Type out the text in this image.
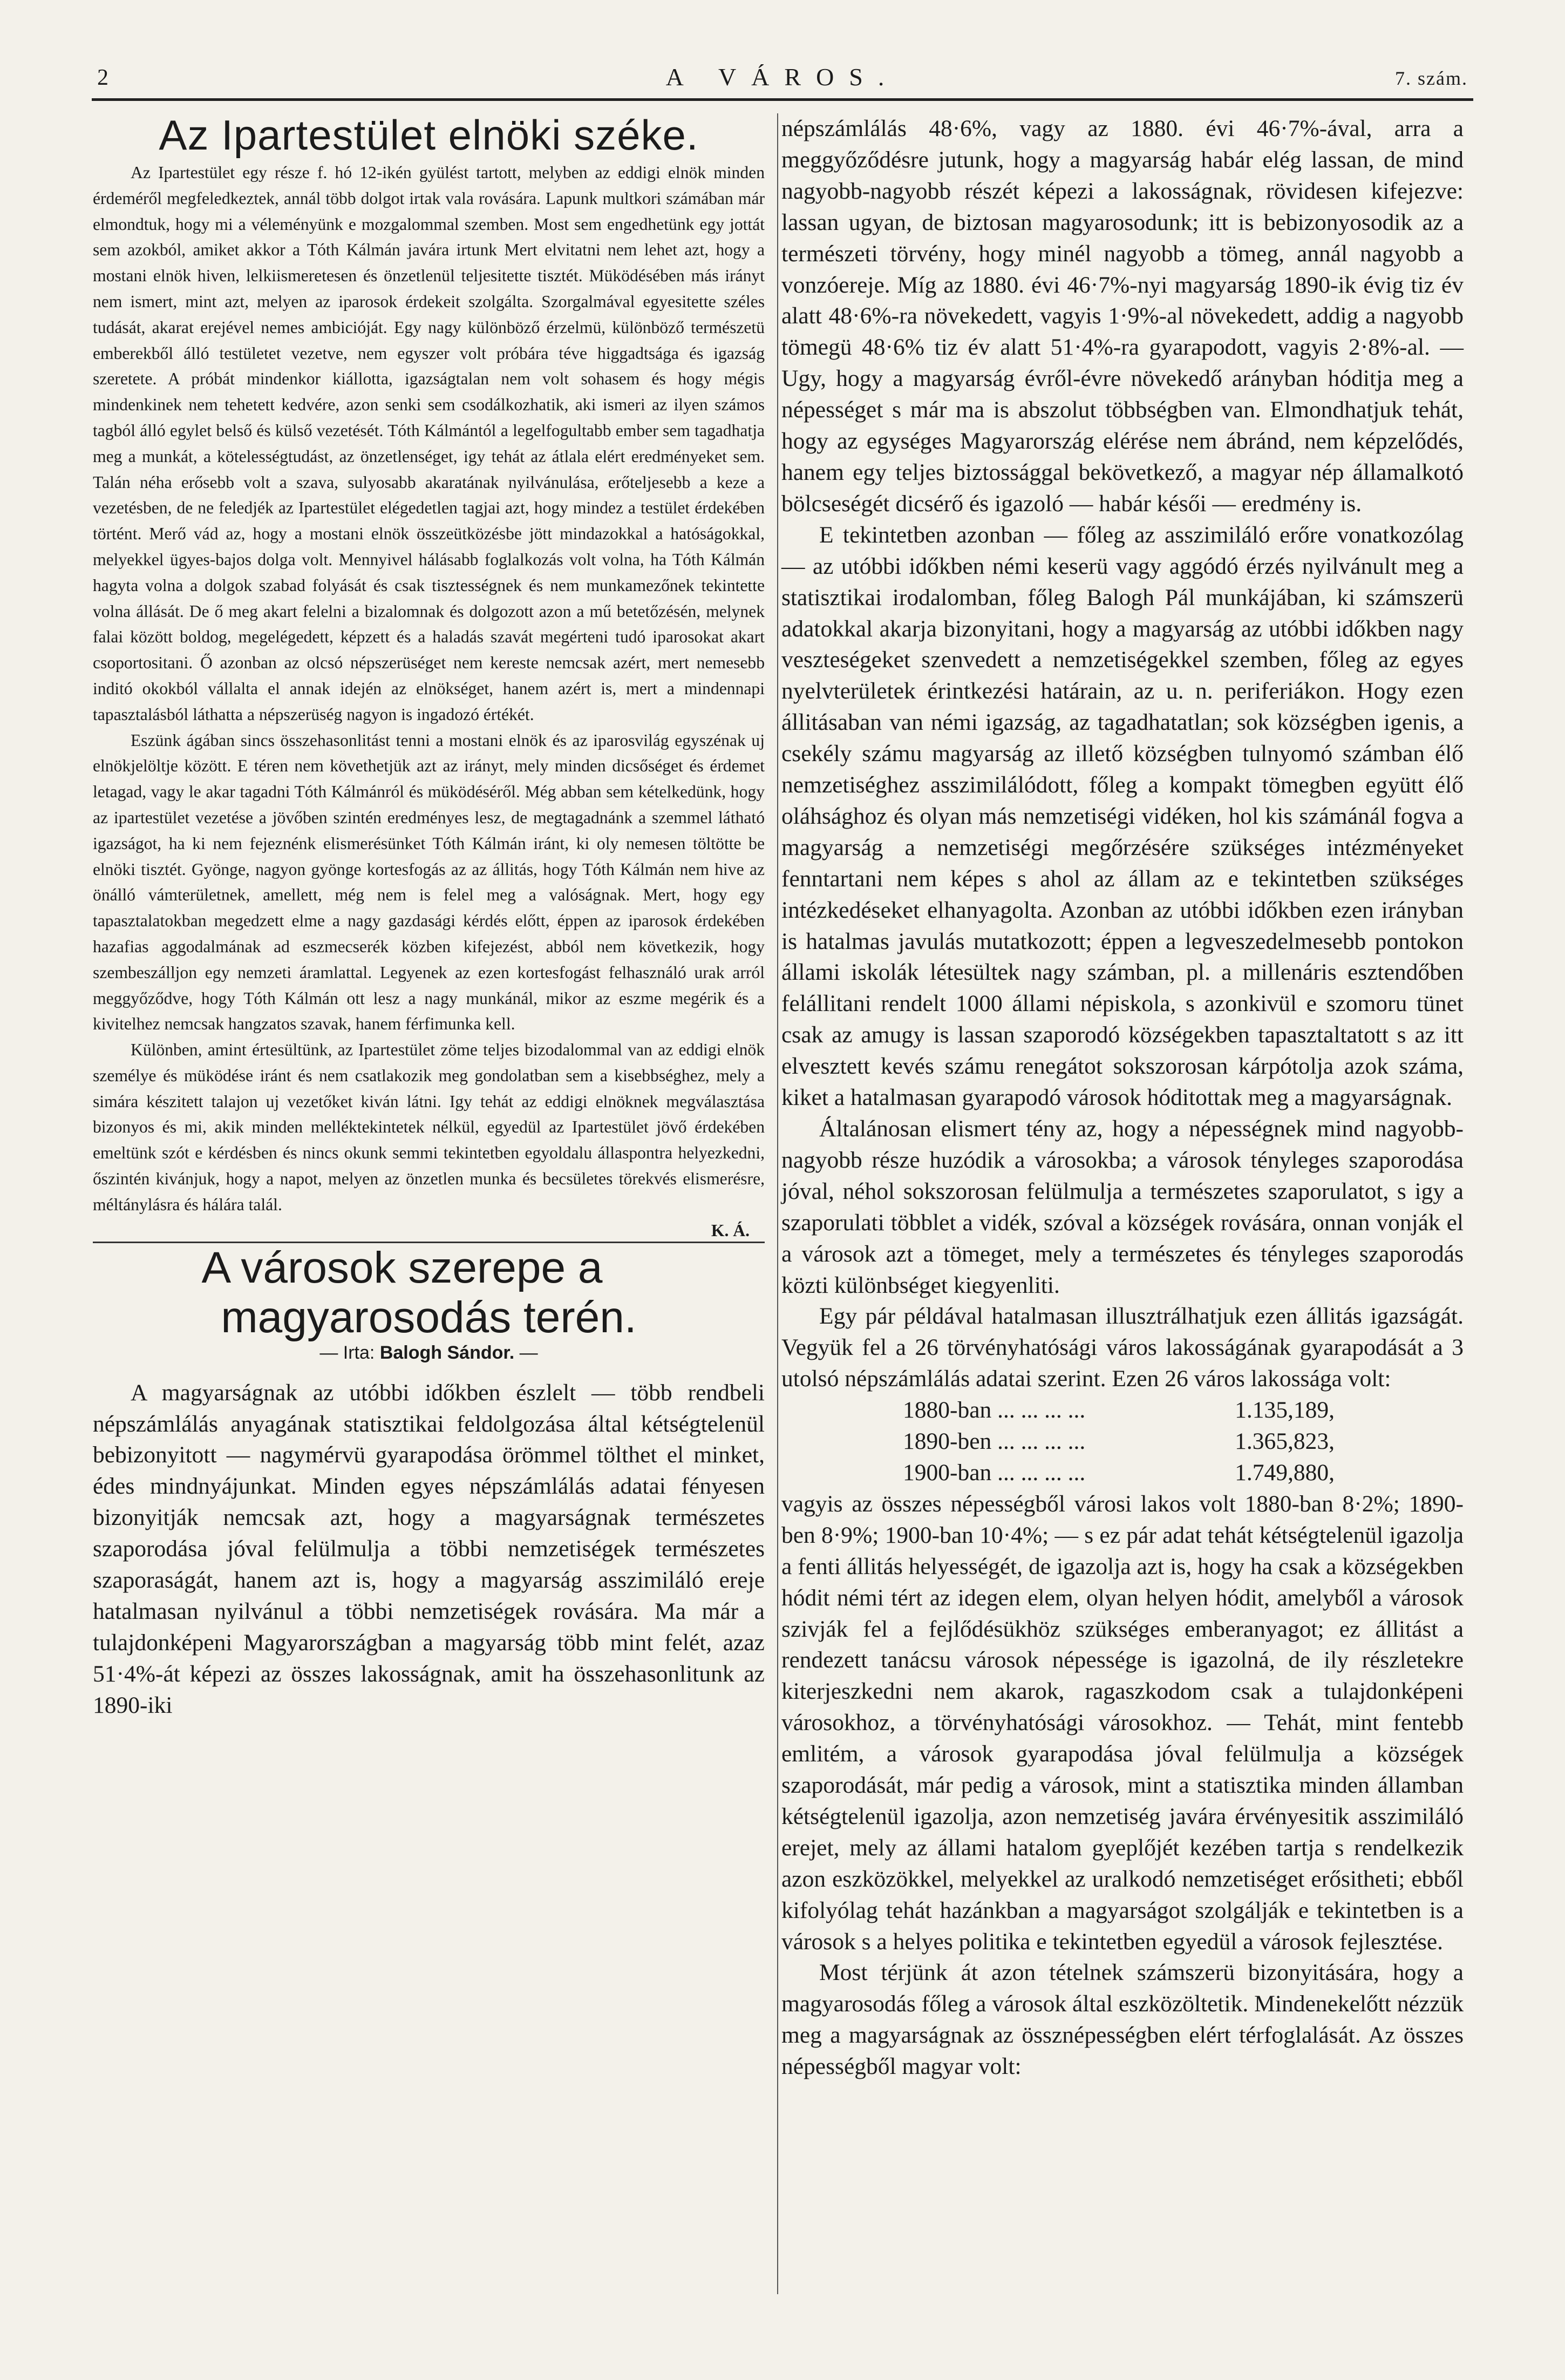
2	A VÁROS.	7. szám.
Az Ipartestület elnöki széke.

Az Ipartestület egy része f. hó 12-ikén gyülést tartott, melyben az eddigi elnök minden érdeméről megfeledkeztek, annál több dolgot irtak vala rovására. Lapunk multkori számában már elmondtuk, hogy mi a véleményünk e mozgalommal szemben. Most sem engedhetünk egy jottát sem azokból, amiket akkor a Tóth Kálmán javára irtunk Mert elvitatni nem lehet azt, hogy a mostani elnök hiven, lelkiismeretesen és önzetlenül teljesitette tisztét. Müködésében más irányt nem ismert, mint azt, melyen az iparosok érdekeit szolgálta. Szorgalmával egyesitette széles tudását, akarat erejével nemes ambicióját. Egy nagy különböző érzelmü, különböző természetü emberekből álló testületet vezetve, nem egyszer volt próbára téve higgadtsága és igazság szeretete. A próbát mindenkor kiállotta, igazságtalan nem volt sohasem és hogy mégis mindenkinek nem tehetett kedvére, azon senki sem csodálkozhatik, aki ismeri az ilyen számos tagból álló egylet belső és külső vezetését. Tóth Kálmántól a legelfogultabb ember sem tagadhatja meg a munkát, a kötelességtudást, az önzetlenséget, igy tehát az átlala elért eredményeket sem. Talán néha erősebb volt a szava, sulyosabb akaratának nyilvánulása, erőteljesebb a keze a vezetésben, de ne feledjék az Ipartestület elégedetlen tagjai azt, hogy mindez a testület érdekében történt. Merő vád az, hogy a mostani elnök összeütközésbe jött mindazokkal a hatóságokkal, melyekkel ügyes-bajos dolga volt. Mennyivel hálásabb foglalkozás volt volna, ha Tóth Kálmán hagyta volna a dolgok szabad folyását és csak tisztességnek és nem munkamezőnek tekintette volna állását. De ő meg akart felelni a bizalomnak és dolgozott azon a mű betetőzésén, melynek falai között boldog, megelégedett, képzett és a haladás szavát megérteni tudó iparosokat akart csoportositani. Ő azonban az olcsó népszerüséget nem kereste nemcsak azért, mert nemesebb inditó okokból vállalta el annak idején az elnökséget, hanem azért is, mert a mindennapi tapasztalásból láthatta a népszerüség nagyon is ingadozó értékét.

Eszünk ágában sincs összehasonlitást tenni a mostani elnök és az iparosvilág egyszénak uj elnökjelöltje között. E téren nem követhetjük azt az irányt, mely minden dicsőséget és érdemet letagad, vagy le akar tagadni Tóth Kálmánról és müködéséről. Még abban sem kételkedünk, hogy az ipartestület vezetése a jövőben szintén eredményes lesz, de megtagadnánk a szemmel látható igazságot, ha ki nem fejeznénk elismerésünket Tóth Kálmán iránt, ki oly nemesen töltötte be elnöki tisztét. Gyönge, nagyon gyönge kortesfogás az az állitás, hogy Tóth Kálmán nem hive az önálló vámterületnek, amellett, még nem is felel meg a valóságnak. Mert, hogy egy tapasztalatokban megedzett elme a nagy gazdasági kérdés előtt, éppen az iparosok érdekében hazafias aggodalmának ad eszmecserék közben kifejezést, abból nem következik, hogy szembeszálljon egy nemzeti áramlattal. Legyenek az ezen kortesfogást felhasználó urak arról meggyőződve, hogy Tóth Kálmán ott lesz a nagy munkánál, mikor az eszme megérik és a kivitelhez nemcsak hangzatos szavak, hanem férfimunka kell.

Különben, amint értesültünk, az Ipartestület zöme teljes bizodalommal van az eddigi elnök személye és müködése iránt és nem csatlakozik meg gondolatban sem a kisebbséghez, mely a simára készitett talajon uj vezetőket kiván látni. Igy tehát az eddigi elnöknek megválasztása bizonyos és mi, akik minden melléktekintetek nélkül, egyedül az Ipartestület jövő érdekében emeltünk szót e kérdésben és nincs okunk semmi tekintetben egyoldalu állaspontra helyezkedni, őszintén kivánjuk, hogy a napot, melyen az önzetlen munka és becsületes törekvés elismerésre, méltánylásra és hálára talál.

K. Á.

A városok szerepe a magyarosodás terén.
— Irta: Balogh Sándor. —

A magyarságnak az utóbbi időkben észlelt — több rendbeli népszámlálás anyagának statisztikai feldolgozása által kétségtelenül bebizonyitott — nagymérvü gyarapodása örömmel tölthet el minket, édes mindnyájunkat. Minden egyes népszámlálás adatai fényesen bizonyitják nemcsak azt, hogy a magyarságnak természetes szaporodása jóval felülmulja a többi nemzetiségek természetes szaporaságát, hanem azt is, hogy a magyarság asszimiláló ereje hatalmasan nyilvánul a többi nemzetiségek rovására. Ma már a tulajdonképeni Magyarországban a magyarság több mint felét, azaz 51·4%-át képezi az összes lakosságnak, amit ha összehasonlitunk az 1890-iki

népszámlálás 48·6%, vagy az 1880. évi 46·7%-ával, arra a meggyőződésre jutunk, hogy a magyarság habár elég lassan, de mind nagyobb-nagyobb részét képezi a lakosságnak, rövidesen kifejezve: lassan ugyan, de biztosan magyarosodunk; itt is bebizonyosodik az a természeti törvény, hogy minél nagyobb a tömeg, annál nagyobb a vonzóereje. Míg az 1880. évi 46·7%-nyi magyarság 1890-ik évig tiz év alatt 48·6%-ra növekedett, vagyis 1·9%-al növekedett, addig a nagyobb tömegü 48·6% tiz év alatt 51·4%-ra gyarapodott, vagyis 2·8%-al. — Ugy, hogy a magyarság évről-évre növekedő arányban hóditja meg a népességet s már ma is abszolut többségben van. Elmondhatjuk tehát, hogy az egységes Magyarország elérése nem ábránd, nem képzelődés, hanem egy teljes biztossággal bekövetkező, a magyar nép államalkotó bölcseségét dicsérő és igazoló — habár késői — eredmény is.

E tekintetben azonban — főleg az asszimiláló erőre vonatkozólag — az utóbbi időkben némi keserü vagy aggódó érzés nyilvánult meg a statisztikai irodalomban, főleg Balogh Pál munkájában, ki számszerü adatokkal akarja bizonyitani, hogy a magyarság az utóbbi időkben nagy veszteségeket szenvedett a nemzetiségekkel szemben, főleg az egyes nyelvterületek érintkezési határain, az u. n. periferiákon. Hogy ezen állitásaban van némi igazság, az tagadhatatlan; sok községben igenis, a csekély számu magyarság az illető községben tulnyomó számban élő nemzetiséghez asszimilálódott, főleg a kompakt tömegben együtt élő oláhsághoz és olyan más nemzetiségi vidéken, hol kis számánál fogva a magyarság a nemzetiségi megőrzésére szükséges intézményeket fenntartani nem képes s ahol az állam az e tekintetben szükséges intézkedéseket elhanyagolta. Azonban az utóbbi időkben ezen irányban is hatalmas javulás mutatkozott; éppen a legveszedelmesebb pontokon állami iskolák létesültek nagy számban, pl. a millenáris esztendőben felállitani rendelt 1000 állami népiskola, s azonkivül e szomoru tünet csak az amugy is lassan szaporodó községekben tapasztaltatott s az itt elvesztett kevés számu renegátot sokszorosan kárpótolja azok száma, kiket a hatalmasan gyarapodó városok hóditottak meg a magyarságnak.

Általánosan elismert tény az, hogy a népességnek mind nagyobb-nagyobb része huzódik a városokba; a városok tényleges szaporodása jóval, néhol sokszorosan felülmulja a természetes szaporulatot, s igy a szaporulati többlet a vidék, szóval a községek rovására, onnan vonják el a városok azt a tömeget, mely a természetes és tényleges szaporodás közti különbséget kiegyenliti.

Egy pár példával hatalmasan illusztrálhatjuk ezen állitás igazságát. Vegyük fel a 26 törvényhatósági város lakosságának gyarapodását a 3 utolsó népszámlálás adatai szerint. Ezen 26 város lakossága volt:

1880-ban ... ... ... ...	1.135,189,
1890-ben ... ... ... ...	1.365,823,
1900-ban ... ... ... ...	1.749,880,

vagyis az összes népességből városi lakos volt 1880-ban 8·2%; 1890-ben 8·9%; 1900-ban 10·4%; — s ez pár adat tehát kétségtelenül igazolja a fenti állitás helyességét, de igazolja azt is, hogy ha csak a községekben hódit némi tért az idegen elem, olyan helyen hódit, amelyből a városok szivják fel a fejlődésükhöz szükséges emberanyagot; ez állitást a rendezett tanácsu városok népessége is igazolná, de ily részletekre kiterjeszkedni nem akarok, ragaszkodom csak a tulajdonképeni városokhoz, a törvényhatósági városokhoz. — Tehát, mint fentebb emlitém, a városok gyarapodása jóval felülmulja a községek szaporodását, már pedig a városok, mint a statisztika minden államban kétségtelenül igazolja, azon nemzetiség javára érvényesitik asszimiláló erejet, mely az állami hatalom gyeplőjét kezében tartja s rendelkezik azon eszközökkel, melyekkel az uralkodó nemzetiséget erősitheti; ebből kifolyólag tehát hazánkban a magyarságot szolgálják e tekintetben is a városok s a helyes politika e tekintetben egyedül a városok fejlesztése.

Most térjünk át azon tételnek számszerü bizonyitására, hogy a magyarosodás főleg a városok által eszközöltetik. Mindenekelőtt nézzük meg a magyarságnak az össznépességben elért térfoglalását. Az összes népességből magyar volt:
